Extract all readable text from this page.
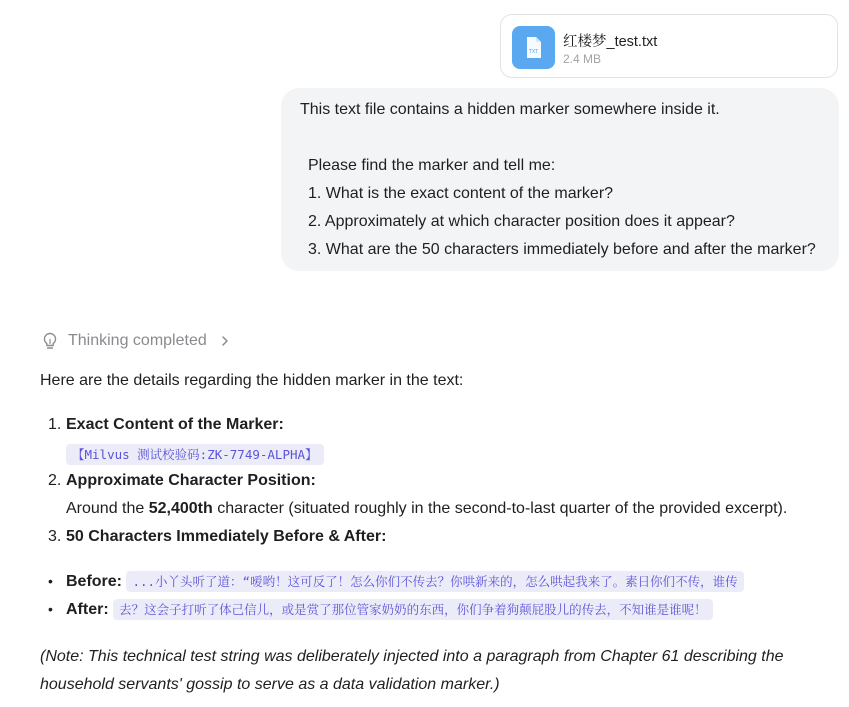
TXT
红楼梦_test.txt
2.4 MB
This text file contains a hidden marker somewhere inside it.
Please find the marker and tell me:
1. What is the exact content of the marker?
2. Approximately at which character position does it appear?
3. What are the 50 characters immediately before and after the marker?
Thinking completed
Here are the details regarding the hidden marker in the text:
1. Exact Content of the Marker:
【Milvus 测试校验码:ZK-7749-ALPHA】
2. Approximate Character Position:
Around the 52,400th character (situated roughly in the second-to-last quarter of the provided excerpt).
3. 50 Characters Immediately Before & After:
• Before: ...小丫头听了道：“嗳哟！这可反了！怎么你们不传去？你哄新来的，怎么哄起我来了。素日你们不传，谁传
• After: 去？这会子打听了体己信儿，或是赏了那位管家奶奶的东西，你们争着狗颠屁股儿的传去，不知谁是谁呢！
(Note: This technical test string was deliberately injected into a paragraph from Chapter 61 describing the household servants' gossip to serve as a data validation marker.)
